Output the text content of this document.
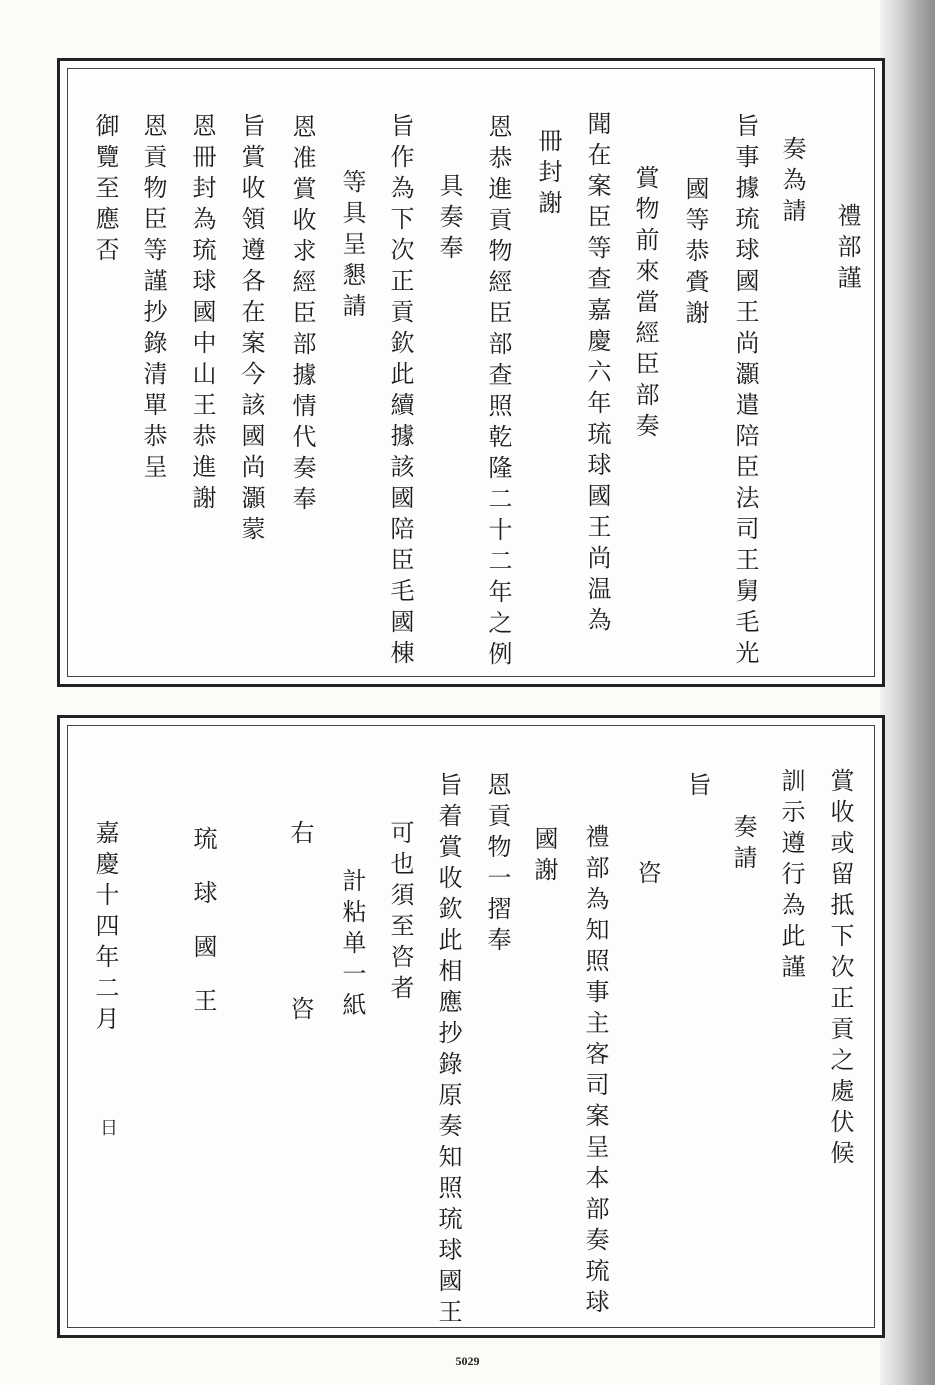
禮部謹
奏為請
旨事據琉球國王尚灝遣陪臣法司王舅毛光
國等恭賫謝
賞物前來當經臣部奏
聞在案臣等查嘉慶六年琉球國王尚温為
冊封謝
恩恭進貢物經臣部查照乾隆二十二年之例
具奏奉
旨作為下次正貢欽此續據該國陪臣毛國棟
等具呈懇請
恩准賞收求經臣部據情代奏奉
旨賞收領遵各在案今該國尚灝蒙
恩冊封為琉球國中山王恭進謝
恩貢物臣等謹抄錄清單恭呈
御覽至應否
賞收或留抵下次正貢之處伏候
訓示遵行為此謹
奏請
旨
咨
禮部為知照事主客司案呈本部奏琉球
國謝
恩貢物一摺奉
旨着賞收欽此相應抄錄原奏知照琉球國王
可也須至咨者
計粘单一紙
右
咨
琉球國王
嘉慶十四年二月
日
5029
